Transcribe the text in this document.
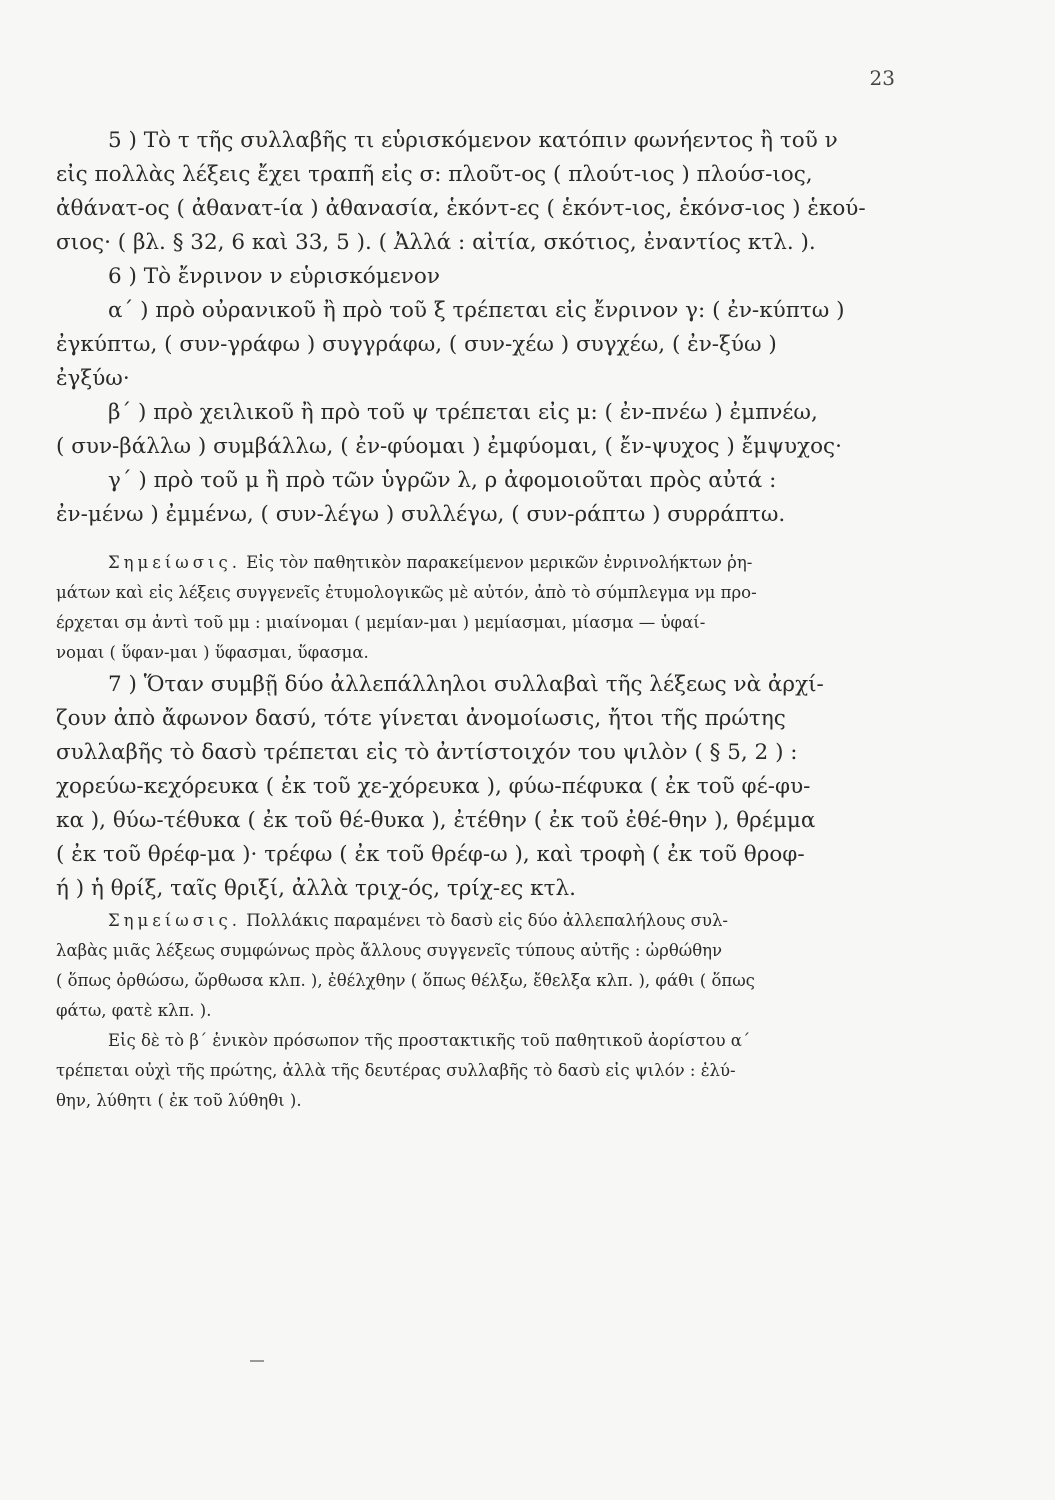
23

5 ) Τὸ τ τῆς συλλαβῆς τι εὑρισκόμενον κατόπιν φωνήεντος ἢ τοῦ ν

εἰς πολλὰς λέξεις ἔχει τραπῆ εἰς σ: πλοῦτ-ος ( πλούτ-ιος ) πλούσ-ιος,

ἀθάνατ-ος ( ἀθανατ-ία ) ἀθανασία, ἑκόντ-ες ( ἑκόντ-ιος, ἑκόνσ-ιος ) ἑκού-

σιος· ( βλ. § 32, 6 καὶ 33, 5 ). ( Ἀλλά : αἰτία, σκότιος, ἐναντίος κτλ. ).

6 ) Τὸ ἔνρινον ν εὑρισκόμενον

α΄ ) πρὸ οὐρανικοῦ ἢ πρὸ τοῦ ξ τρέπεται εἰς ἔνρινον γ: ( ἐν-κύπτω )

ἐγκύπτω, ( συν-γράφω ) συγγράφω, ( συν-χέω ) συγχέω, ( ἐν-ξύω )

ἐγξύω·

β΄ ) πρὸ χειλικοῦ ἢ πρὸ τοῦ ψ τρέπεται εἰς μ: ( ἐν-πνέω ) ἐμπνέω,

( συν-βάλλω ) συμβάλλω, ( ἐν-φύομαι ) ἐμφύομαι, ( ἔν-ψυχος ) ἔμψυχος·

γ΄ ) πρὸ τοῦ μ ἢ πρὸ τῶν ὑγρῶν λ, ρ ἀφομοιοῦται πρὸς αὐτά :

ἐν-μένω ) ἐμμένω, ( συν-λέγω ) συλλέγω, ( συν-ράπτω ) συρράπτω.

Σημείωσις. Εἰς τὸν παθητικὸν παρακείμενον μερικῶν ἐνρινολήκτων ῥη-

μάτων καὶ εἰς λέξεις συγγενεῖς ἐτυμολογικῶς μὲ αὐτόν, ἀπὸ τὸ σύμπλεγμα νμ προ-

έρχεται σμ ἀντὶ τοῦ μμ : μιαίνομαι ( μεμίαν-μαι ) μεμίασμαι, μίασμα — ὑφαί-

νομαι ( ὕφαν-μαι ) ὕφασμαι, ὕφασμα.

7 ) Ὅταν συμβῇ δύο ἀλλεπάλληλοι συλλαβαὶ τῆς λέξεως νὰ ἀρχί-

ζουν ἀπὸ ἄφωνον δασύ, τότε γίνεται ἀνομοίωσις, ἤτοι τῆς πρώτης

συλλαβῆς τὸ δασὺ τρέπεται εἰς τὸ ἀντίστοιχόν του ψιλὸν ( § 5, 2 ) :

χορεύω-κεχόρευκα ( ἐκ τοῦ χε-χόρευκα ), φύω-πέφυκα ( ἐκ τοῦ φέ-φυ-

κα ), θύω-τέθυκα ( ἐκ τοῦ θέ-θυκα ), ἐτέθην ( ἐκ τοῦ ἐθέ-θην ), θρέμμα

( ἐκ τοῦ θρέφ-μα )· τρέφω ( ἐκ τοῦ θρέφ-ω ), καὶ τροφὴ ( ἐκ τοῦ θροφ-

ή ) ἡ θρίξ, ταῖς θριξί, ἀλλὰ τριχ-ός, τρίχ-ες κτλ.

Σημείωσις. Πολλάκις παραμένει τὸ δασὺ εἰς δύο ἀλλεπαλήλους συλ-

λαβὰς μιᾶς λέξεως συμφώνως πρὸς ἄλλους συγγενεῖς τύπους αὐτῆς : ὠρθώθην

( ὅπως ὀρθώσω, ὤρθωσα κλπ. ), ἐθέλχθην ( ὅπως θέλξω, ἔθελξα κλπ. ), φάθι ( ὅπως

φάτω, φατὲ κλπ. ).

Εἰς δὲ τὸ β΄ ἑνικὸν πρόσωπον τῆς προστακτικῆς τοῦ παθητικοῦ ἀορίστου α΄

τρέπεται οὐχὶ τῆς πρώτης, ἀλλὰ τῆς δευτέρας συλλαβῆς τὸ δασὺ εἰς ψιλόν : ἐλύ-

θην, λύθητι ( ἐκ τοῦ λύθηθι ).
